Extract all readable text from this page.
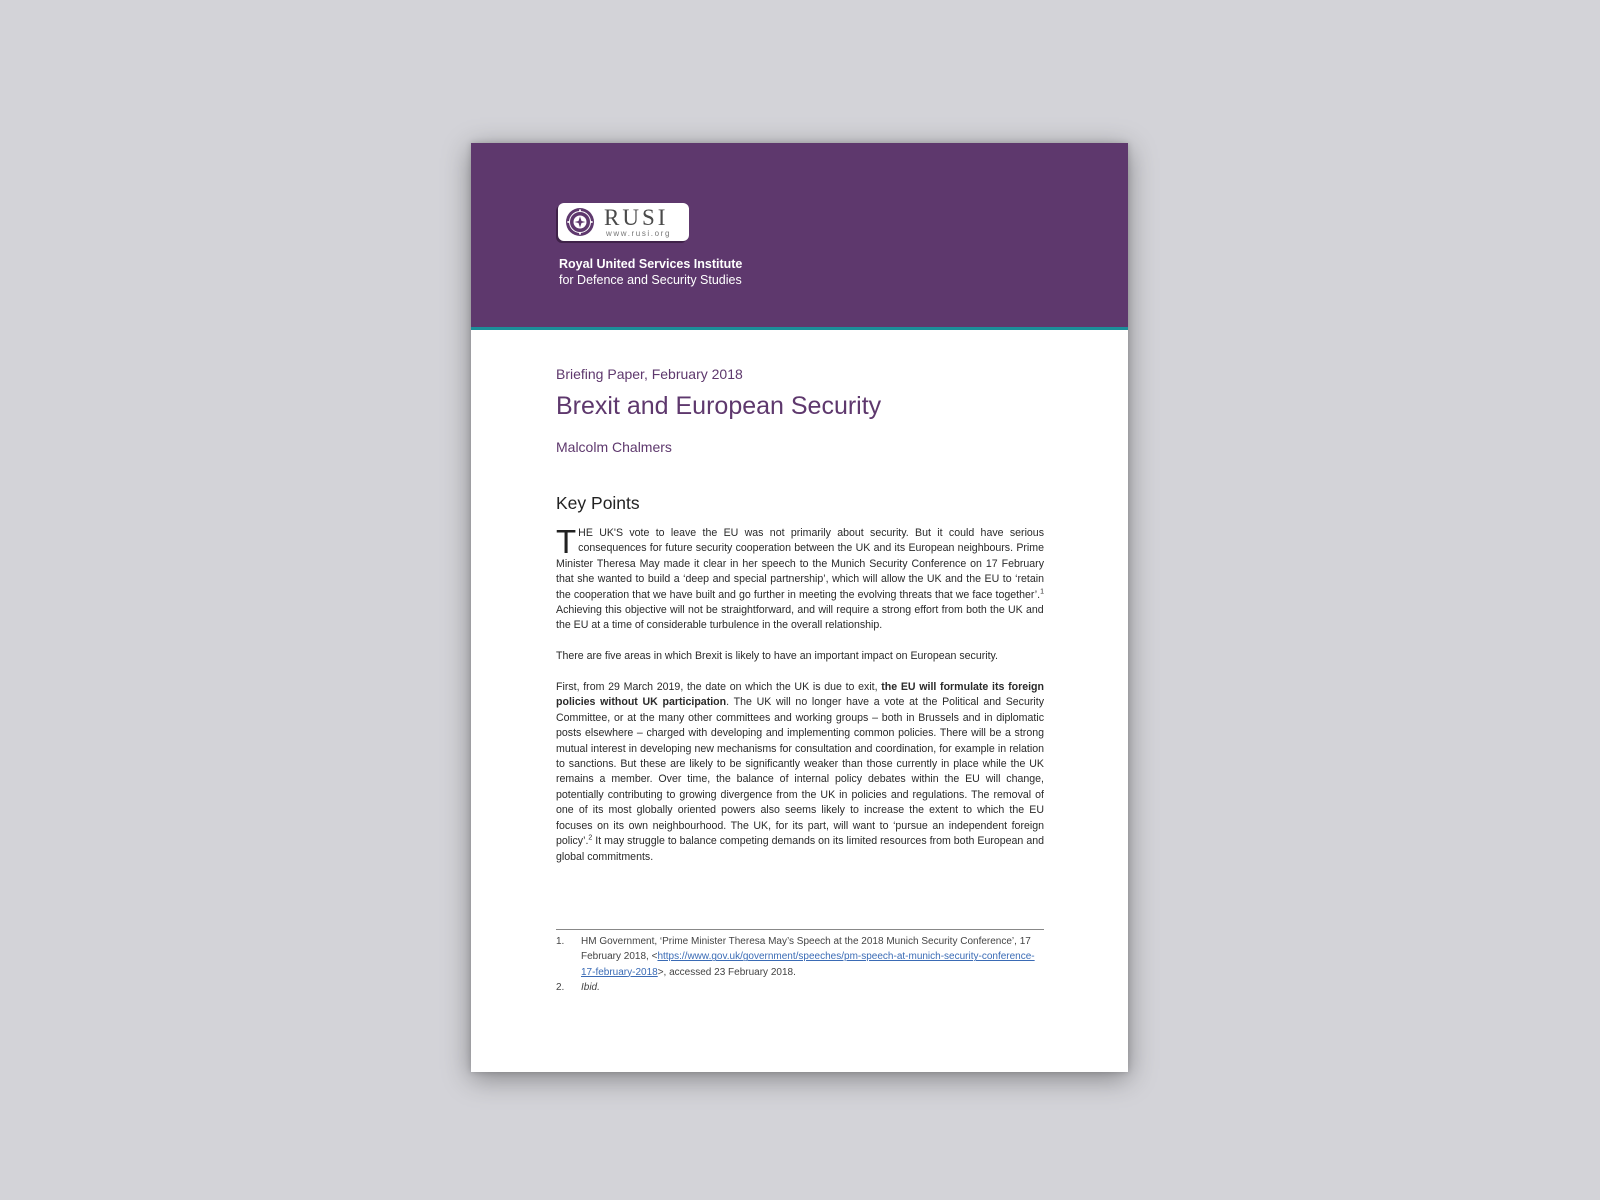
RUSI
www.rusi.org
Royal United Services Institute
for Defence and Security Studies

Briefing Paper, February 2018

Brexit and European Security

Malcolm Chalmers

Key Points

THE UK'S vote to leave the EU was not primarily about security. But it could have serious consequences for future security cooperation between the UK and its European neighbours. Prime Minister Theresa May made it clear in her speech to the Munich Security Conference on 17 February that she wanted to build a ‘deep and special partnership’, which will allow the UK and the EU to ‘retain the cooperation that we have built and go further in meeting the evolving threats that we face together’.$^1$ Achieving this objective will not be straightforward, and will require a strong effort from both the UK and the EU at a time of considerable turbulence in the overall relationship.

There are five areas in which Brexit is likely to have an important impact on European security.

First, from 29 March 2019, the date on which the UK is due to exit, the EU will formulate its foreign policies without UK participation. The UK will no longer have a vote at the Political and Security Committee, or at the many other committees and working groups – both in Brussels and in diplomatic posts elsewhere – charged with developing and implementing common policies. There will be a strong mutual interest in developing new mechanisms for consultation and coordination, for example in relation to sanctions. But these are likely to be significantly weaker than those currently in place while the UK remains a member. Over time, the balance of internal policy debates within the EU will change, potentially contributing to growing divergence from the UK in policies and regulations. The removal of one of its most globally oriented powers also seems likely to increase the extent to which the EU focuses on its own neighbourhood. The UK, for its part, will want to ‘pursue an independent foreign policy’.$^2$ It may struggle to balance competing demands on its limited resources from both European and global commitments.

1.	HM Government, ‘Prime Minister Theresa May’s Speech at the 2018 Munich Security Conference’, 17 February 2018, <https://www.gov.uk/government/speeches/pm-speech-at-munich-security-conference-17-february-2018>, accessed 23 February 2018.
2.	Ibid.
